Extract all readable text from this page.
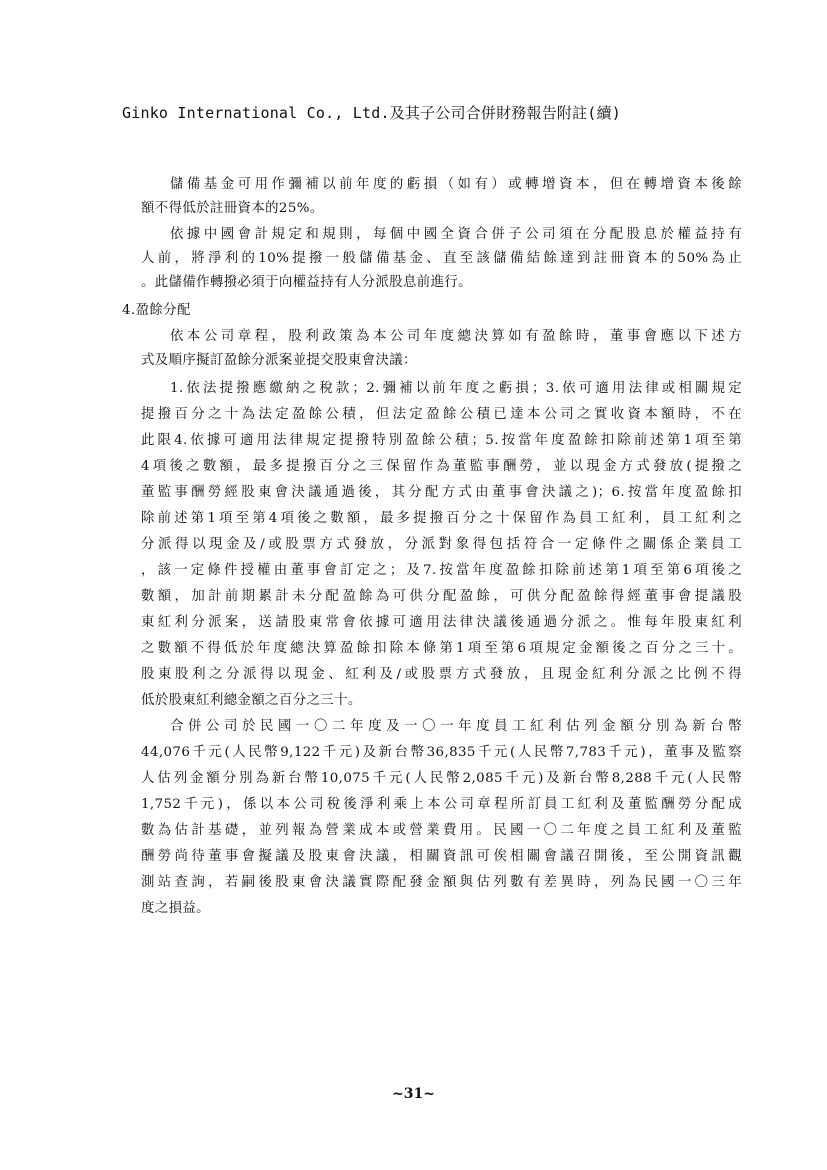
Ginko International Co., Ltd.及其子公司合併財務報告附註(續)
儲備基金可用作彌補以前年度的虧損（如有）或轉增資本，但在轉增資本後餘
額不得低於註冊資本的25%。
依據中國會計規定和規則，每個中國全資合併子公司須在分配股息於權益持有
人前，將淨利的10%提撥一般儲備基金、直至該儲備結餘達到註冊資本的50%為止
。此儲備作轉撥必須于向權益持有人分派股息前進行。
4.盈餘分配
依本公司章程，股利政策為本公司年度總決算如有盈餘時，董事會應以下述方
式及順序擬訂盈餘分派案並提交股東會決議：
1.依法提撥應繳納之稅款；2.彌補以前年度之虧損；3.依可適用法律或相關規定
提撥百分之十為法定盈餘公積，但法定盈餘公積已達本公司之實收資本額時，不在
此限4.依據可適用法律規定提撥特別盈餘公積；5.按當年度盈餘扣除前述第1項至第
4項後之數額，最多提撥百分之三保留作為董監事酬勞，並以現金方式發放(提撥之
董監事酬勞經股東會決議通過後，其分配方式由董事會決議之)；6.按當年度盈餘扣
除前述第1項至第4項後之數額，最多提撥百分之十保留作為員工紅利，員工紅利之
分派得以現金及/或股票方式發放，分派對象得包括符合一定條件之關係企業員工
，該一定條件授權由董事會訂定之；及7.按當年度盈餘扣除前述第1項至第6項後之
數額，加計前期累計未分配盈餘為可供分配盈餘，可供分配盈餘得經董事會提議股
東紅利分派案，送請股東常會依據可適用法律決議後通過分派之。惟每年股東紅利
之數額不得低於年度總決算盈餘扣除本條第1項至第6項規定金額後之百分之三十。
股東股利之分派得以現金、紅利及/或股票方式發放，且現金紅利分派之比例不得
低於股東紅利總金額之百分之三十。
合併公司於民國一〇二年度及一〇一年度員工紅利估列金額分別為新台幣
44,076千元(人民幣9,122千元)及新台幣36,835千元(人民幣7,783千元)，董事及監察
人估列金額分別為新台幣10,075千元(人民幣2,085千元)及新台幣8,288千元(人民幣
1,752千元)，係以本公司稅後淨利乘上本公司章程所訂員工紅利及董監酬勞分配成
數為估計基礎，並列報為營業成本或營業費用。民國一〇二年度之員工紅利及董監
酬勞尚待董事會擬議及股東會決議，相關資訊可俟相關會議召開後，至公開資訊觀
測站查詢，若嗣後股東會決議實際配發金額與估列數有差異時，列為民國一〇三年
度之損益。
~31~
